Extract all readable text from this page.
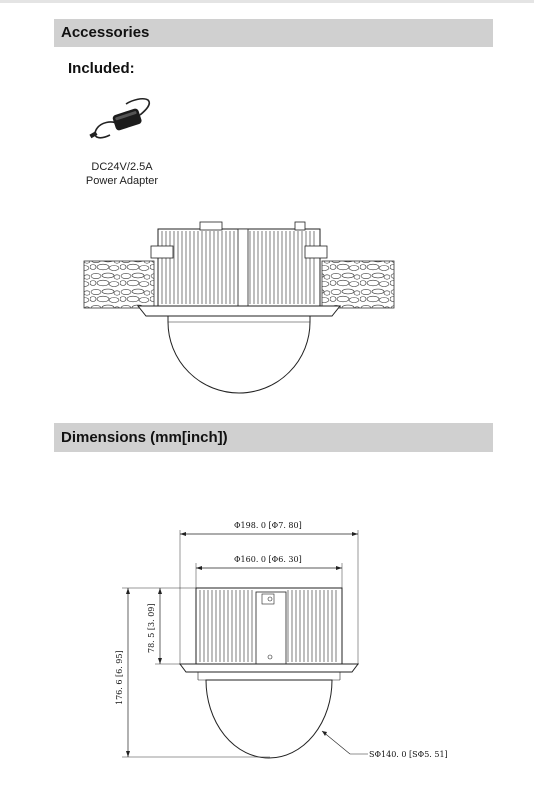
Accessories
Included:
Φ198. 0 [Φ7. 80]
Φ160. 0 [Φ6. 30]
78. 5 [3. 09]
176. 6 [6. 95]
SΦ140. 0 [SΦ5. 51]
DC24V/2.5A
Power Adapter
Dimensions (mm[inch])
